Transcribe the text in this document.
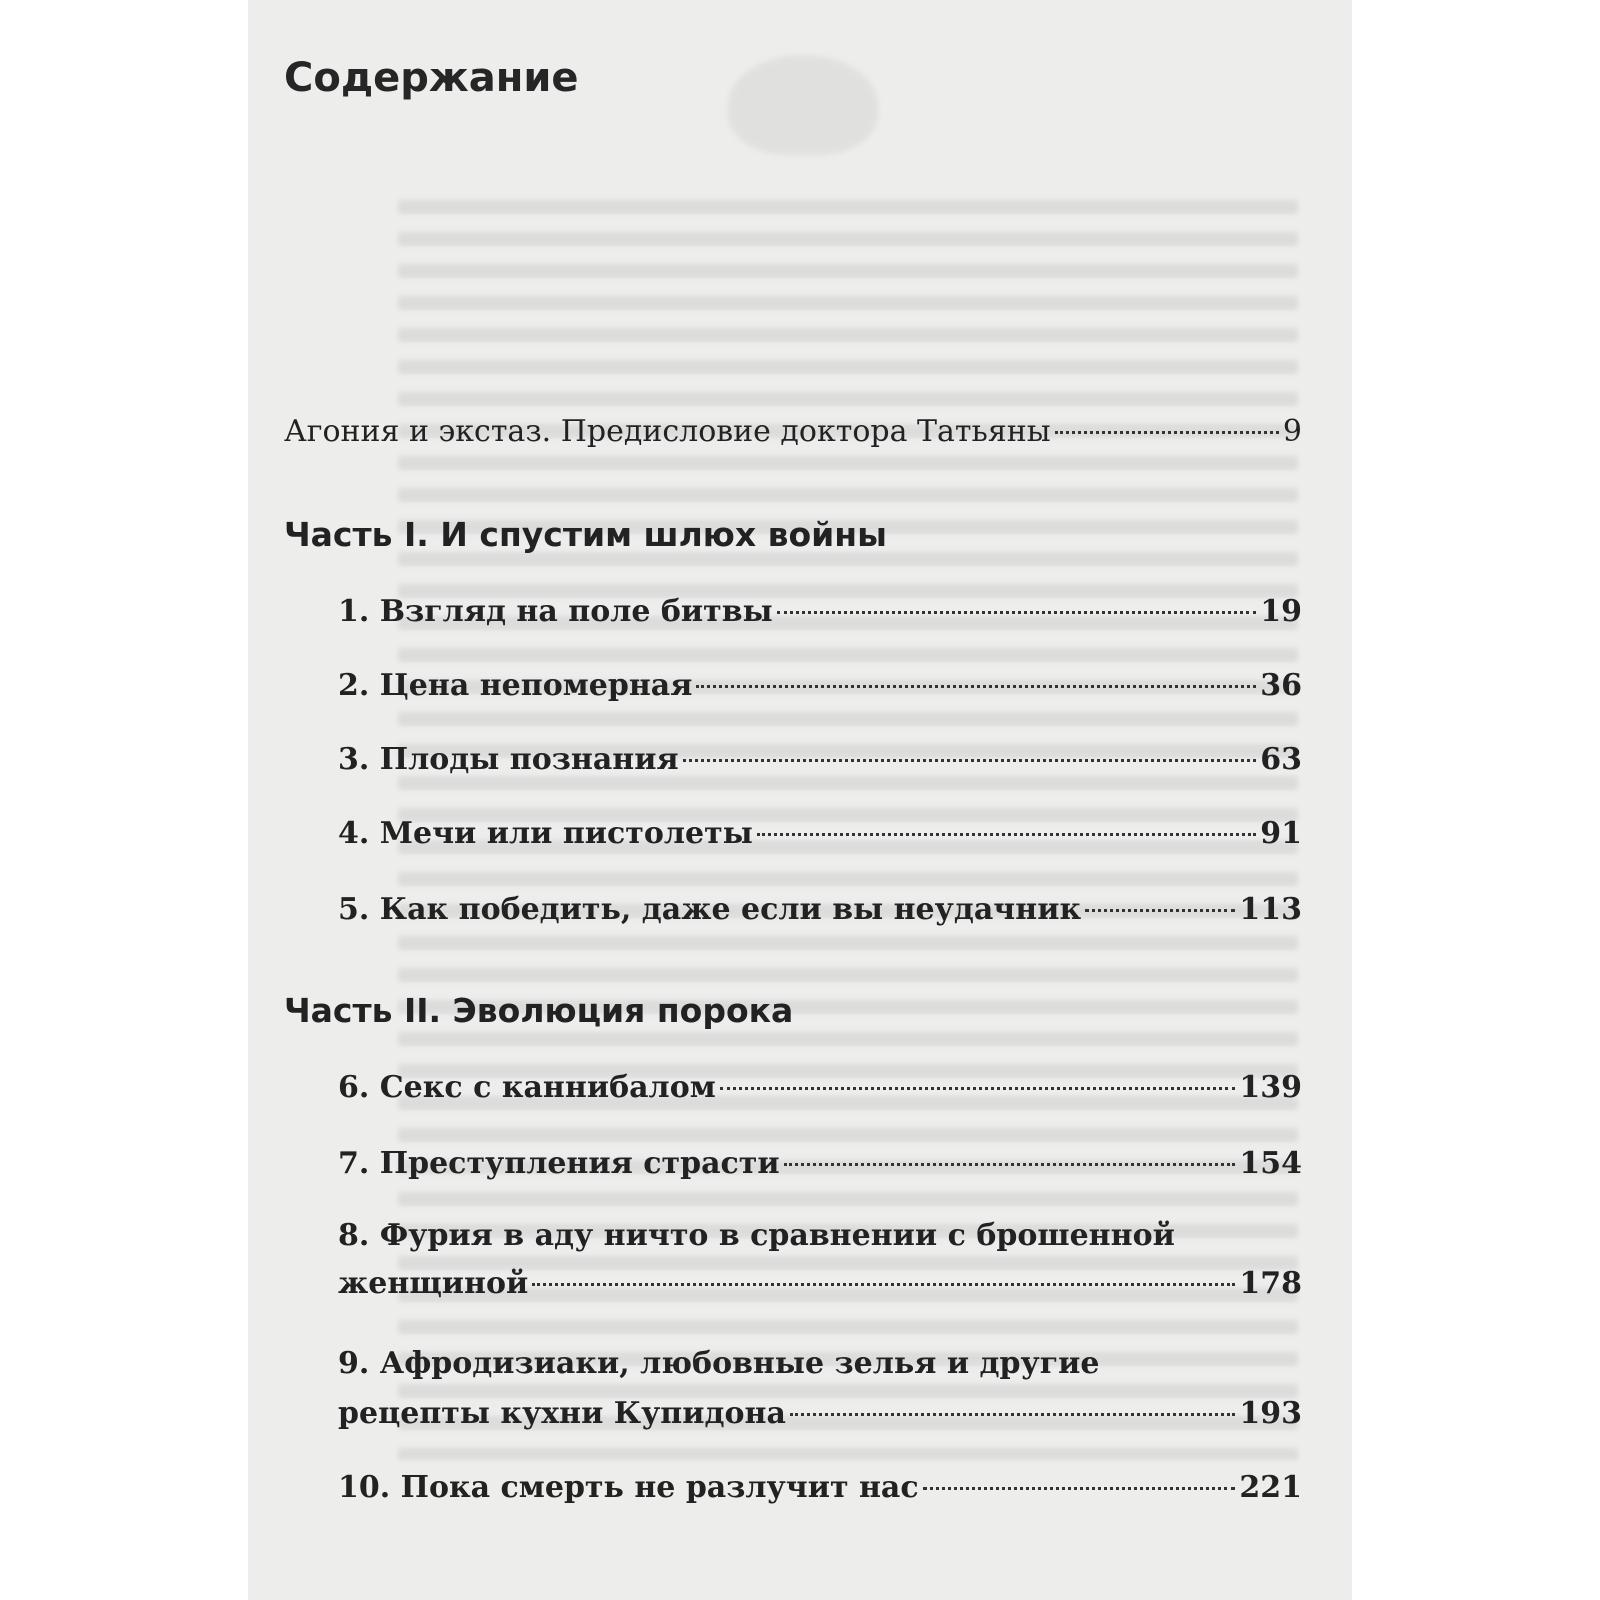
Содержание
Агония и экстаз. Предисловие доктора Татьяны	9
Часть I. И спустим шлюх войны
1. Взгляд на поле битвы	19
2. Цена непомерная	36
3. Плоды познания	63
4. Мечи или пистолеты	91
5. Как победить, даже если вы неудачник	113
Часть II. Эволюция порока
6. Секс с каннибалом	139
7. Преступления страсти	154
8. Фурия в аду ничто в сравнении с брошенной
женщиной	178
9. Афродизиаки, любовные зелья и другие
рецепты кухни Купидона	193
10. Пока смерть не разлучит нас	221
